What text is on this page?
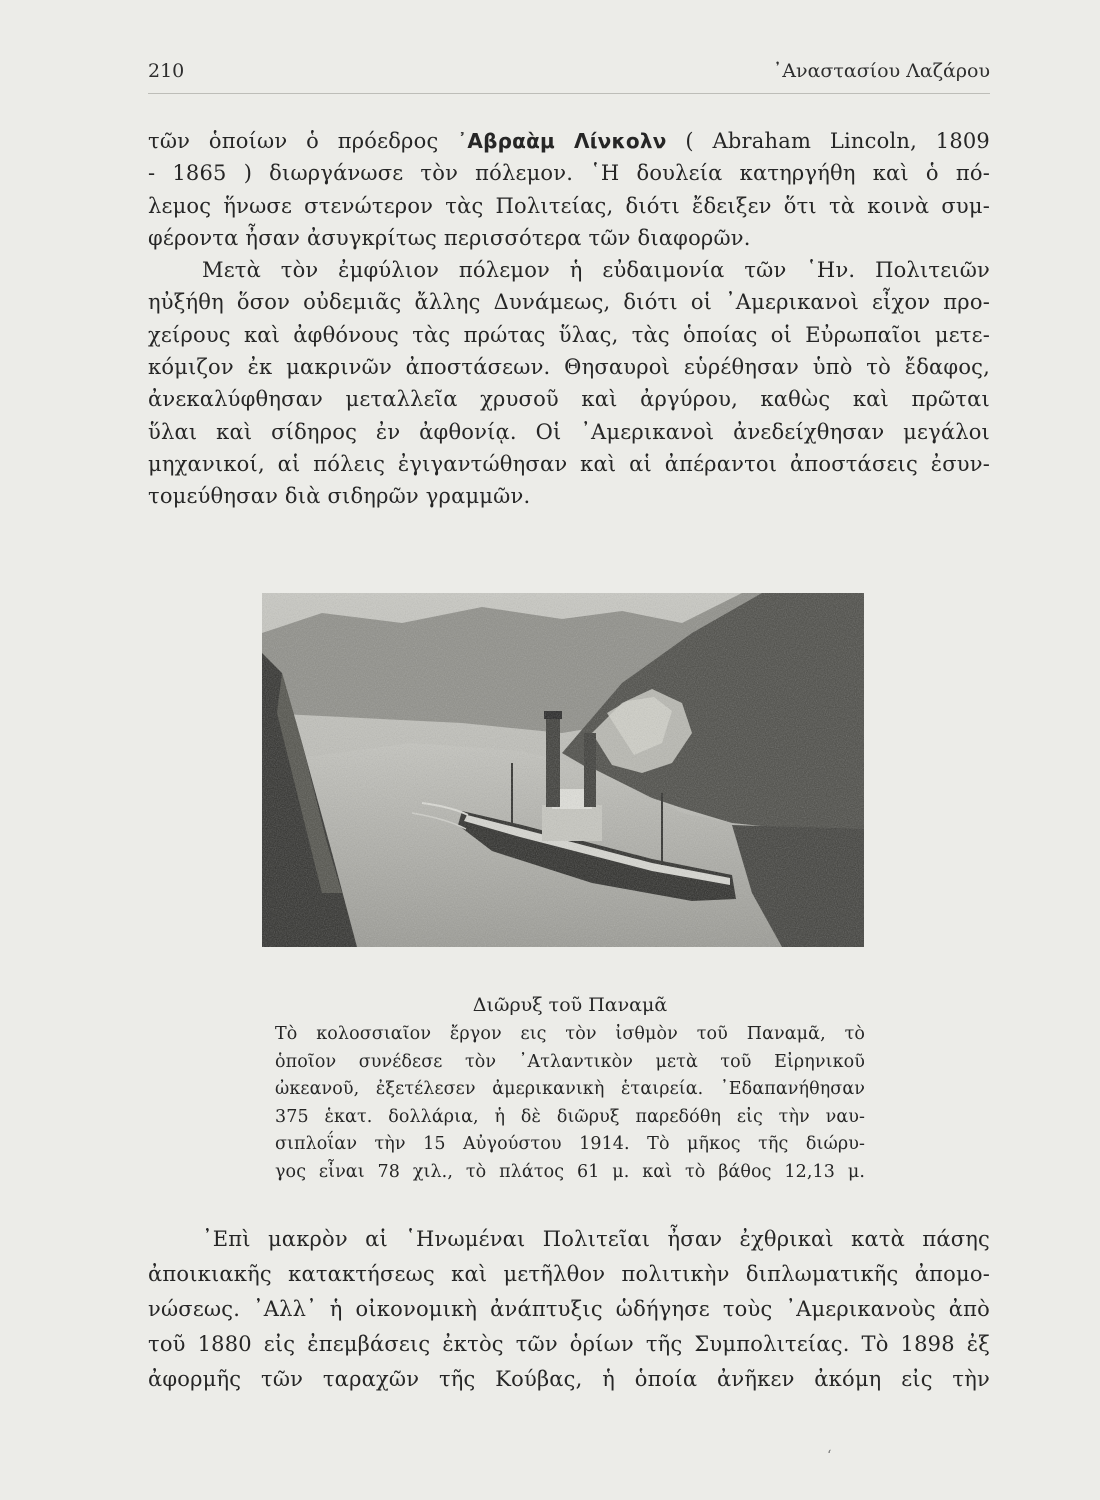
210	᾿Αναστασίου Λαζάρου
τῶν ὁποίων ὁ πρόεδρος ᾿Αβραὰμ Λίνκολν ( Abraham Lincoln, 1809
- 1865 ) διωργάνωσε τὸν πόλεμον. ῾Η δουλεία κατηργήθη καὶ ὁ πό-
λεμος ἥνωσε στενώτερον τὰς Πολιτείας, διότι ἔδειξεν ὅτι τὰ κοινὰ συμ-
φέροντα ἦσαν ἀσυγκρίτως περισσότερα τῶν διαφορῶν.
Μετὰ τὸν ἐμφύλιον πόλεμον ἡ εὐδαιμονία τῶν ῾Ην. Πολιτειῶν
ηὐξήθη ὅσον οὐδεμιᾶς ἄλλης Δυνάμεως, διότι οἱ ᾿Αμερικανοὶ εἶχον προ-
χείρους καὶ ἀφθόνους τὰς πρώτας ὕλας, τὰς ὁποίας οἱ Εὐρωπαῖοι μετε-
κόμιζον ἐκ μακρινῶν ἀποστάσεων. Θησαυροὶ εὑρέθησαν ὑπὸ τὸ ἔδαφος,
ἀνεκαλύφθησαν μεταλλεῖα χρυσοῦ καὶ ἀργύρου, καθὼς καὶ πρῶται
ὕλαι καὶ σίδηρος ἐν ἀφθονίᾳ. Οἱ ᾿Αμερικανοὶ ἀνεδείχθησαν μεγάλοι
μηχανικοί, αἱ πόλεις ἐγιγαντώθησαν καὶ αἱ ἀπέραντοι ἀποστάσεις ἐσυν-
τομεύθησαν διὰ σιδηρῶν γραμμῶν.
Διῶρυξ τοῦ Παναμᾶ
Τὸ κολοσσιαῖον ἔργον εις τὸν ἰσθμὸν τοῦ Παναμᾶ, τὸ
ὁποῖον συνέδεσε τὸν ᾿Ατλαντικὸν μετὰ τοῦ Εἰρηνικοῦ
ὠκεανοῦ, ἐξετέλεσεν ἀμερικανικὴ ἑταιρεία. ᾿Εδαπανήθησαν
375 ἑκατ. δολλάρια, ἡ δὲ διῶρυξ παρεδόθη εἰς τὴν ναυ-
σιπλοΐαν τὴν 15 Αὐγούστου 1914. Τὸ μῆκος τῆς διώρυ-
γος εἶναι 78 χιλ., τὸ πλάτος 61 μ. καὶ τὸ βάθος 12,13 μ.
᾿Επὶ μακρὸν αἱ ῾Ηνωμέναι Πολιτεῖαι ἦσαν ἐχθρικαὶ κατὰ πάσης
ἀποικιακῆς κατακτήσεως καὶ μετῆλθον πολιτικὴν διπλωματικῆς ἀπομο-
νώσεως. ᾿Αλλ᾿ ἡ οἰκονομικὴ ἀνάπτυξις ὡδήγησε τοὺς ᾿Αμερικανοὺς ἀπὸ
τοῦ 1880 εἰς ἐπεμβάσεις ἐκτὸς τῶν ὁρίων τῆς Συμπολιτείας. Τὸ 1898 ἐξ
ἀφορμῆς τῶν ταραχῶν τῆς Κούβας, ἡ ὁποία ἀνῆκεν ἀκόμη εἰς τὴν
ʻ
